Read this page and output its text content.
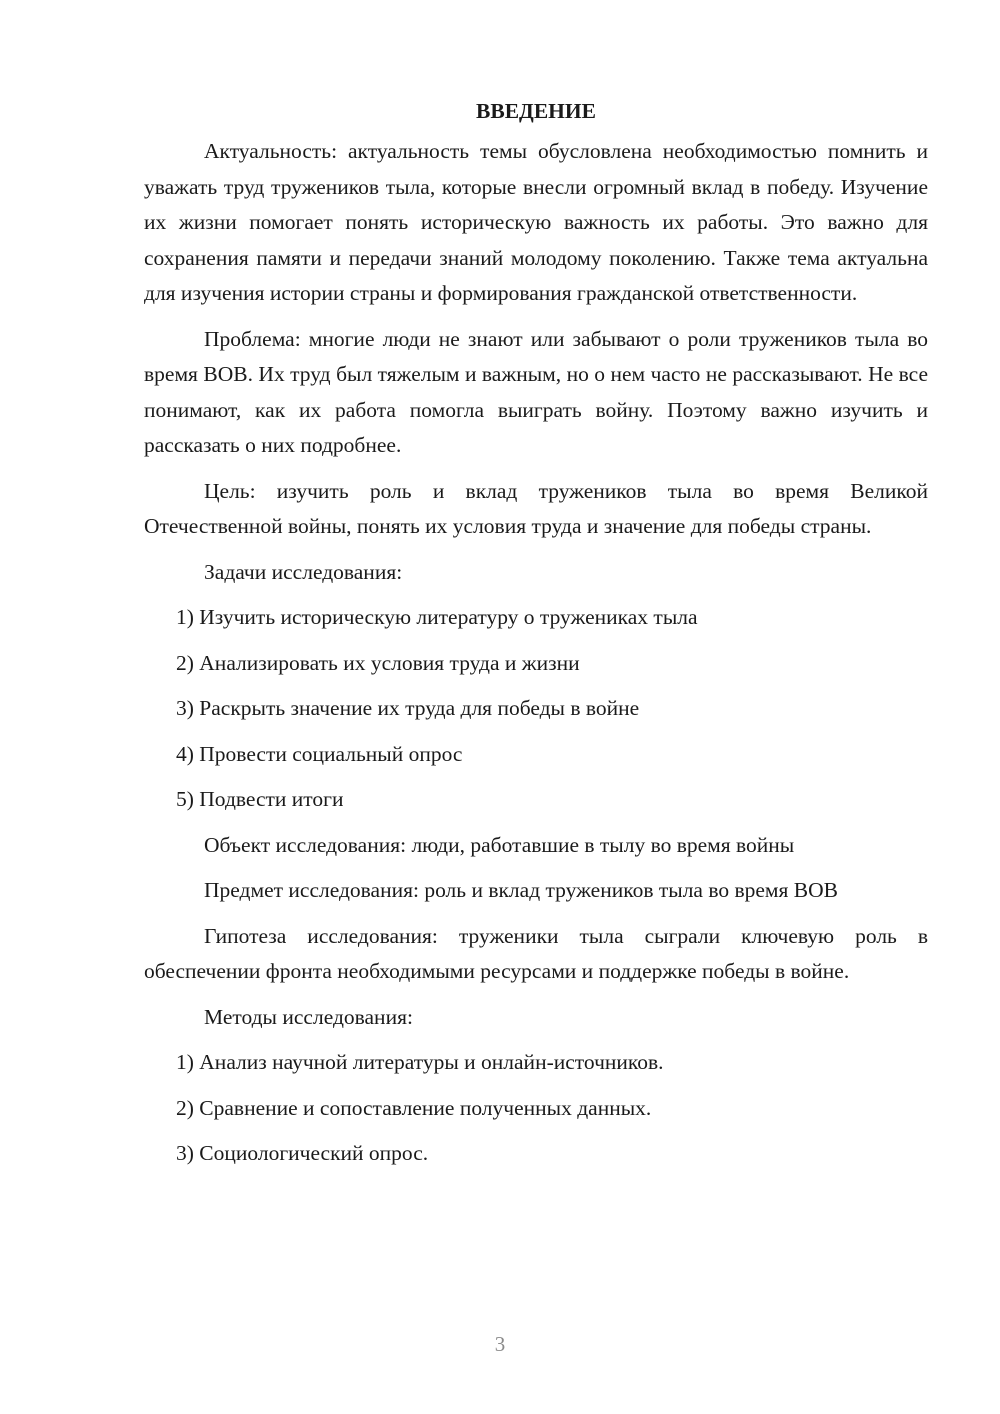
ВВЕДЕНИЕ

Актуальность: актуальность темы обусловлена необходимостью помнить и уважать труд тружеников тыла, которые внесли огромный вклад в победу. Изучение их жизни помогает понять историческую важность их работы. Это важно для сохранения памяти и передачи знаний молодому поколению. Также тема актуальна для изучения истории страны и формирования гражданской ответственности.

Проблема: многие люди не знают или забывают о роли тружеников тыла во время ВОВ. Их труд был тяжелым и важным, но о нем часто не рассказывают. Не все понимают, как их работа помогла выиграть войну. Поэтому важно изучить и рассказать о них подробнее.

Цель: изучить роль и вклад тружеников тыла во время Великой Отечественной войны, понять их условия труда и значение для победы страны.

Задачи исследования:

1) Изучить историческую литературу о тружениках тыла
2) Анализировать их условия труда и жизни
3) Раскрыть значение их труда для победы в войне
4) Провести социальный опрос
5) Подвести итоги

Объект исследования: люди, работавшие в тылу во время войны

Предмет исследования: роль и вклад тружеников тыла во время ВОВ

Гипотеза исследования: труженики тыла сыграли ключевую роль в обеспечении фронта необходимыми ресурсами и поддержке победы в войне.

Методы исследования:

1) Анализ научной литературы и онлайн-источников.
2) Сравнение и сопоставление полученных данных.
3) Социологический опрос.
3
